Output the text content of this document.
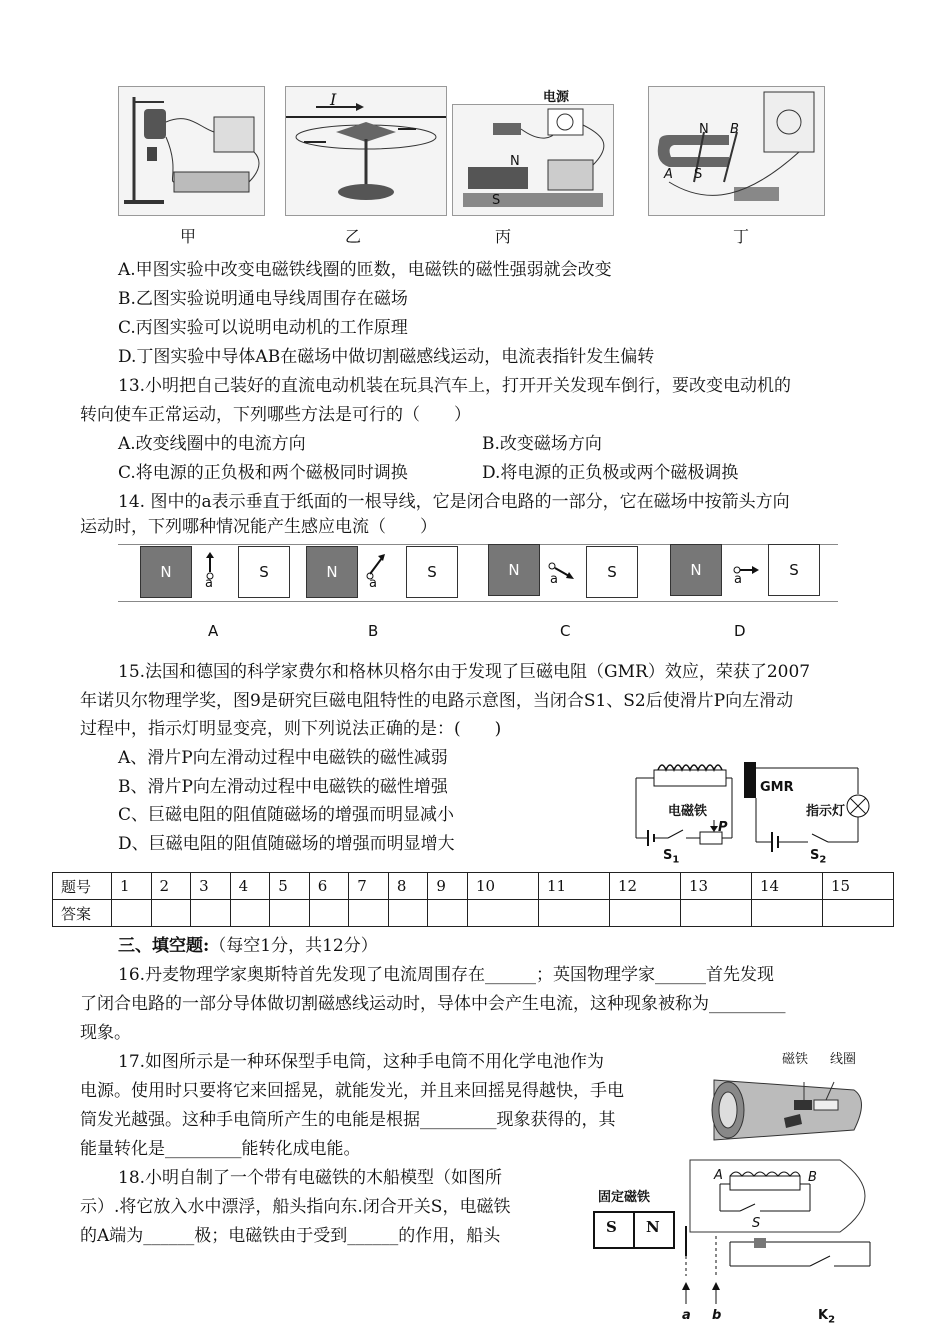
甲
I
乙
电源
N
S
丙
N B
A S
丁
A.甲图实验中改变电磁铁线圈的匝数，电磁铁的磁性强弱就会改变
B.乙图实验说明通电导线周围存在磁场
C.丙图实验可以说明电动机的工作原理
D.丁图实验中导体AB在磁场中做切割磁感线运动，电流表指针发生偏转
13.小明把自己装好的直流电动机装在玩具汽车上，打开开关发现车倒行，要改变电动机的
转向使车正常运动，下列哪些方法是可行的（　　）
A.改变线圈中的电流方向	B.改变磁场方向
C.将电源的正负极和两个磁极同时调换	D.将电源的正负极或两个磁极调换
14. 图中的a表示垂直于纸面的一根导线，它是闭合电路的一部分，它在磁场中按箭头方向
运动时，下列哪种情况能产生感应电流（　　）
N
a
S	N
a
S	N
a	S	N
a
S
A	B	C	D
15.法国和德国的科学家费尔和格林贝格尔由于发现了巨磁电阻（GMR）效应，荣获了2007
年诺贝尔物理学奖，图9是研究巨磁电阻特性的电路示意图，当闭合S1、S2后使滑片P向左滑动
过程中，指示灯明显变亮，则下列说法正确的是：(　　)
A、滑片P向左滑动过程中电磁铁的磁性减弱
B、滑片P向左滑动过程中电磁铁的磁性增强
C、巨磁电阻的阻值随磁场的增强而明显减小
D、巨磁电阻的阻值随磁场的增强而明显增大
GMR
电磁铁	指示灯
P
$S_1$	$S_2$
题号	1	2	3	4	5	6	7	8	9	10	11	12	13	14	15
答案															
三、填空题:（每空1分，共12分）
16.丹麦物理学家奥斯特首先发现了电流周围存在______；英国物理学家______首先发现
了闭合电路的一部分导体做切割磁感线运动时，导体中会产生电流，这种现象被称为_________
现象。
17.如图所示是一种环保型手电筒，这种手电筒不用化学电池作为
电源。使用时只要将它来回摇晃，就能发光，并且来回摇晃得越快，手电
筒发光越强。这种手电筒所产生的电能是根据_________现象获得的，其
能量转化是_________能转化成电能。
磁铁 线圈
18.小明自制了一个带有电磁铁的木船模型（如图所
示）.将它放入水中漂浮，船头指向东.闭合开关S，电磁铁
的A端为______极；电磁铁由于受到______的作用，船头
固定磁铁
S N
A	B
S
a b	$K_2$
